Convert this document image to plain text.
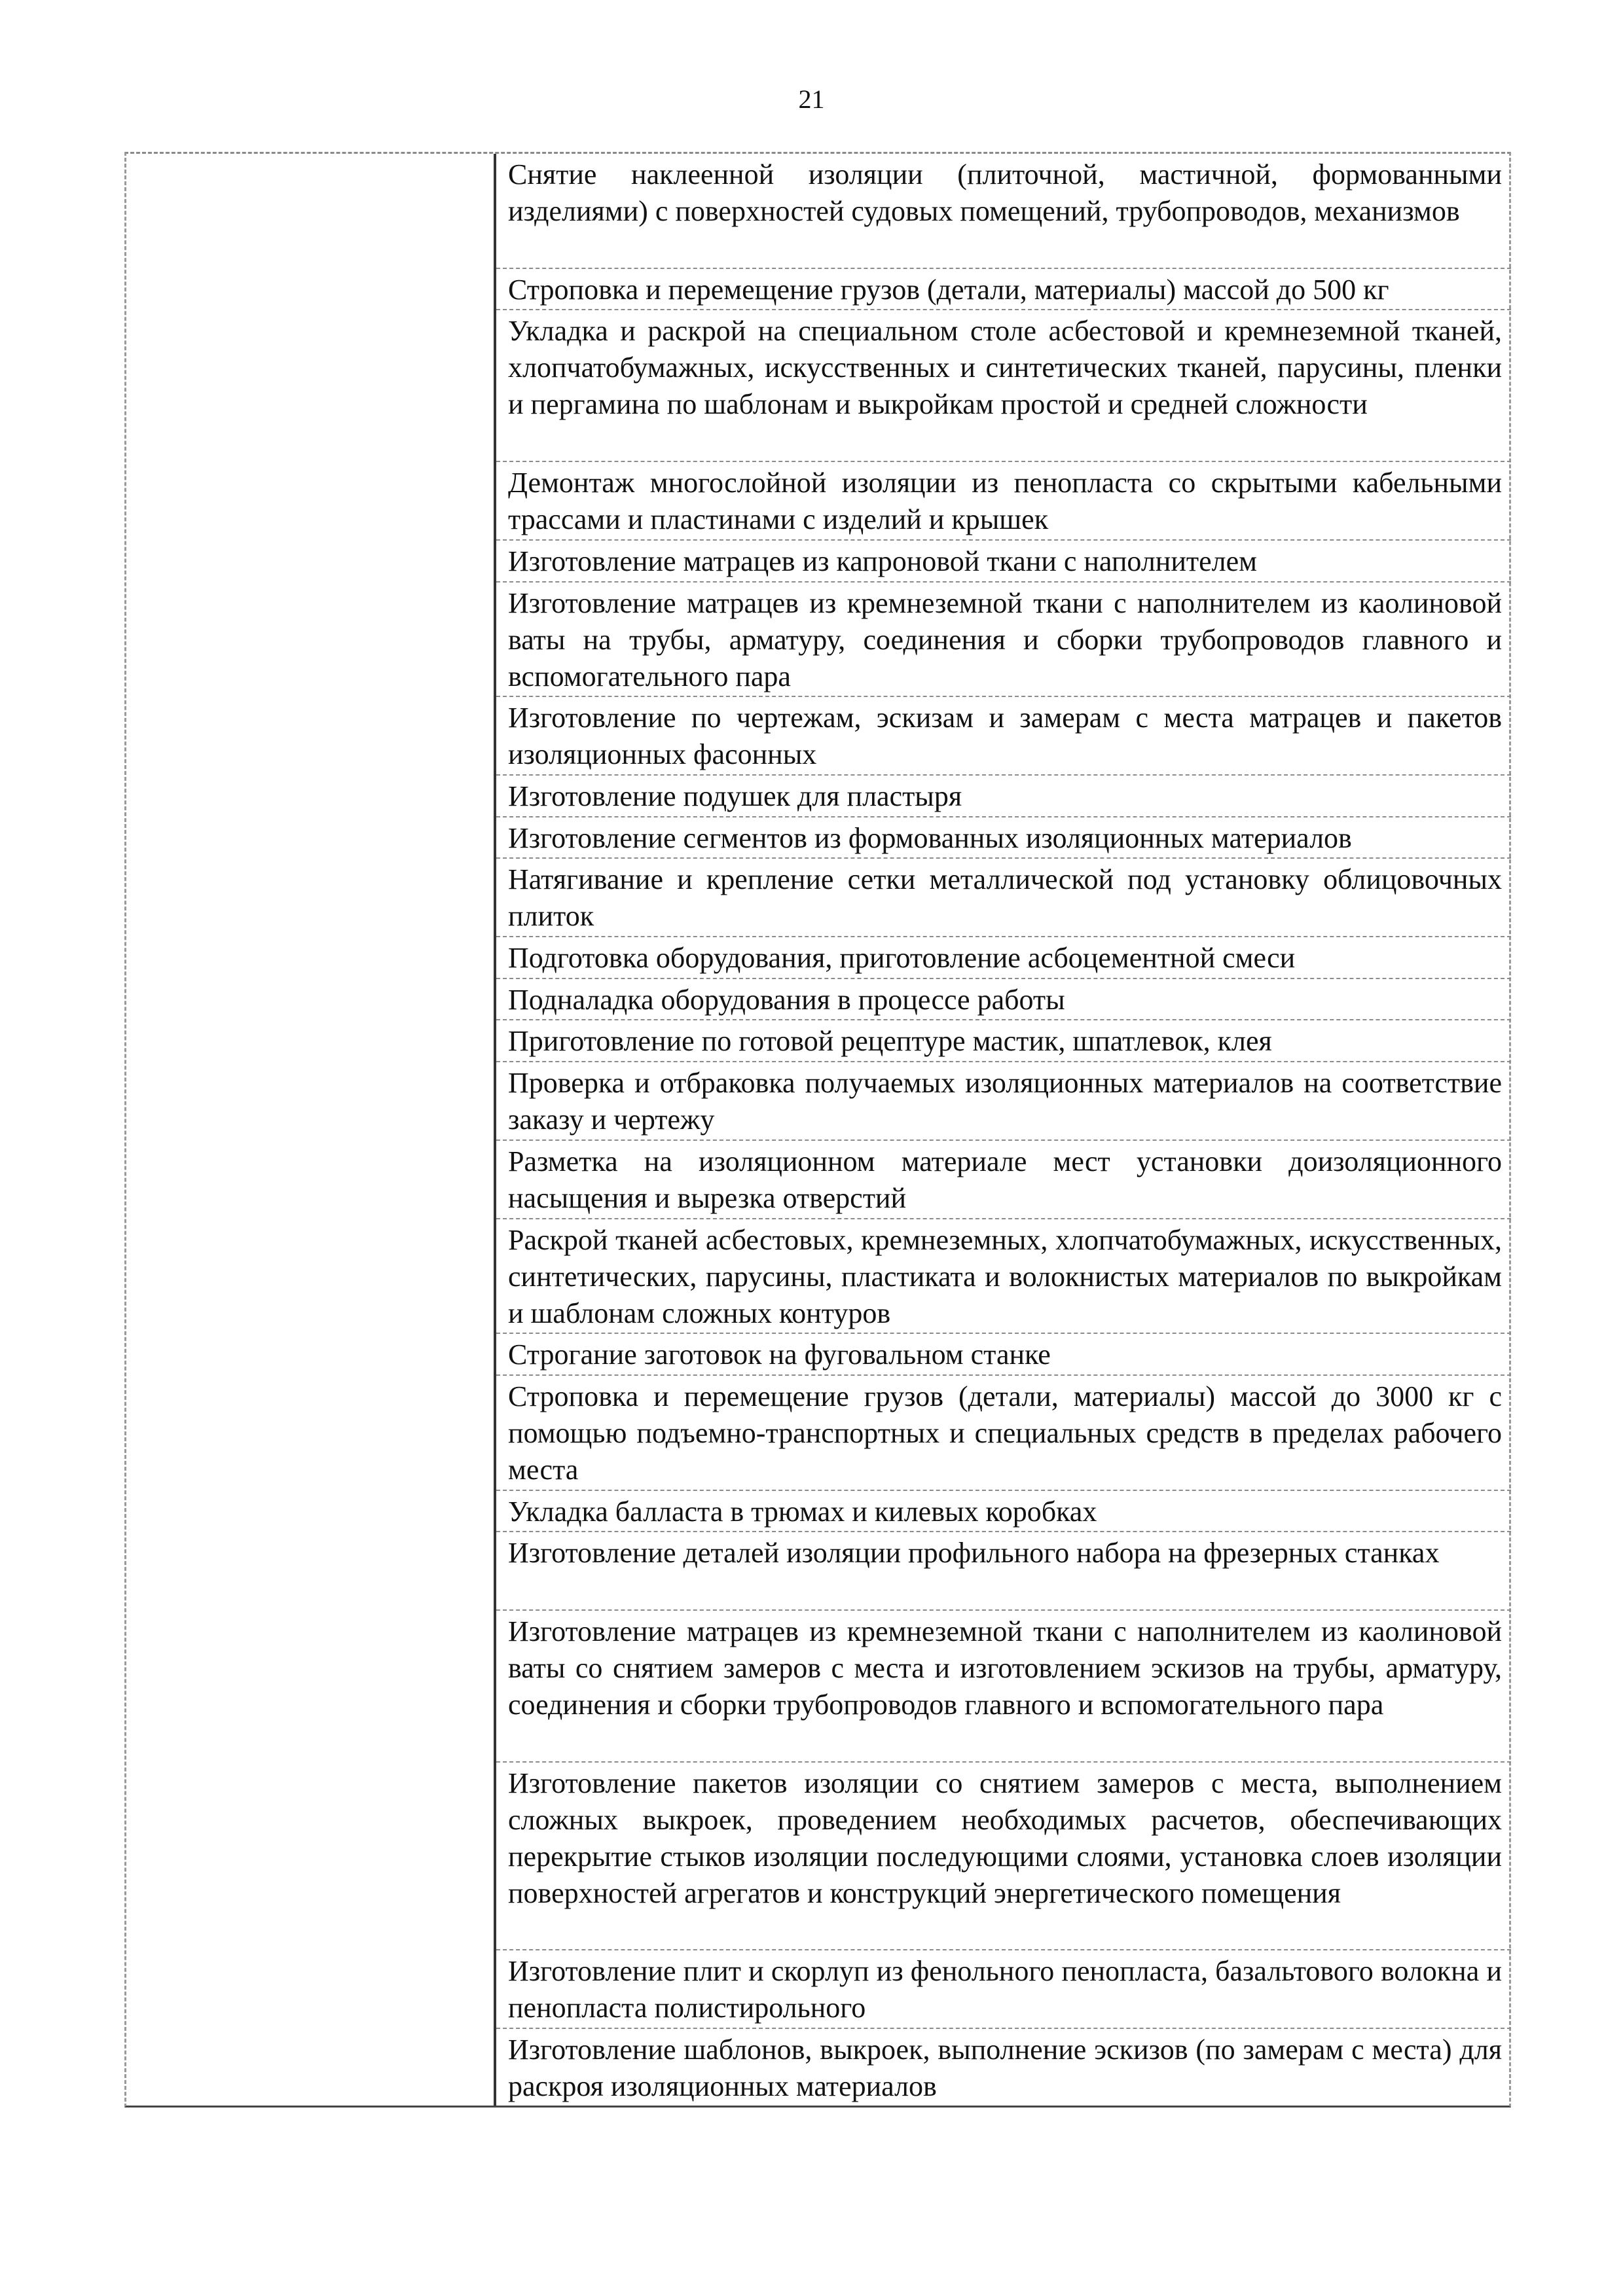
21
Снятие наклеенной изоляции (плиточной, мастичной, формованными изделиями) с поверхностей судовых помещений, трубопроводов, механизмов
Строповка и перемещение грузов (детали, материалы) массой до 500 кг
Укладка и раскрой на специальном столе асбестовой и кремнеземной тканей, хлопчатобумажных, искусственных и синтетических тканей, парусины, пленки и пергамина по шаблонам и выкройкам простой и средней сложности
Демонтаж многослойной изоляции из пенопласта со скрытыми кабельными трассами и пластинами с изделий и крышек
Изготовление матрацев из капроновой ткани с наполнителем
Изготовление матрацев из кремнеземной ткани с наполнителем из каолиновой ваты на трубы, арматуру, соединения и сборки трубопроводов главного и вспомогательного пара
Изготовление по чертежам, эскизам и замерам с места матрацев и пакетов изоляционных фасонных
Изготовление подушек для пластыря
Изготовление сегментов из формованных изоляционных материалов
Натягивание и крепление сетки металлической под установку облицовочных плиток
Подготовка оборудования, приготовление асбоцементной смеси
Подналадка оборудования в процессе работы
Приготовление по готовой рецептуре мастик, шпатлевок, клея
Проверка и отбраковка получаемых изоляционных материалов на соответствие заказу и чертежу
Разметка на изоляционном материале мест установки доизоляционного насыщения и вырезка отверстий
Раскрой тканей асбестовых, кремнеземных, хлопчатобумажных, искусственных, синтетических, парусины, пластиката и волокнистых материалов по выкройкам и шаблонам сложных контуров
Строгание заготовок на фуговальном станке
Строповка и перемещение грузов (детали, материалы) массой до 3000 кг с помощью подъемно-транспортных и специальных средств в пределах рабочего места
Укладка балласта в трюмах и килевых коробках
Изготовление деталей изоляции профильного набора на фрезерных станках
Изготовление матрацев из кремнеземной ткани с наполнителем из каолиновой ваты со снятием замеров с места и изготовлением эскизов на трубы, арматуру, соединения и сборки трубопроводов главного и вспомогательного пара
Изготовление пакетов изоляции со снятием замеров с места, выполнением сложных выкроек, проведением необходимых расчетов, обеспечивающих перекрытие стыков изоляции последующими слоями, установка слоев изоляции поверхностей агрегатов и конструкций энергетического помещения
Изготовление плит и скорлуп из фенольного пенопласта, базальтового волокна и пенопласта полистирольного
Изготовление шаблонов, выкроек, выполнение эскизов (по замерам с места) для раскроя изоляционных материалов
